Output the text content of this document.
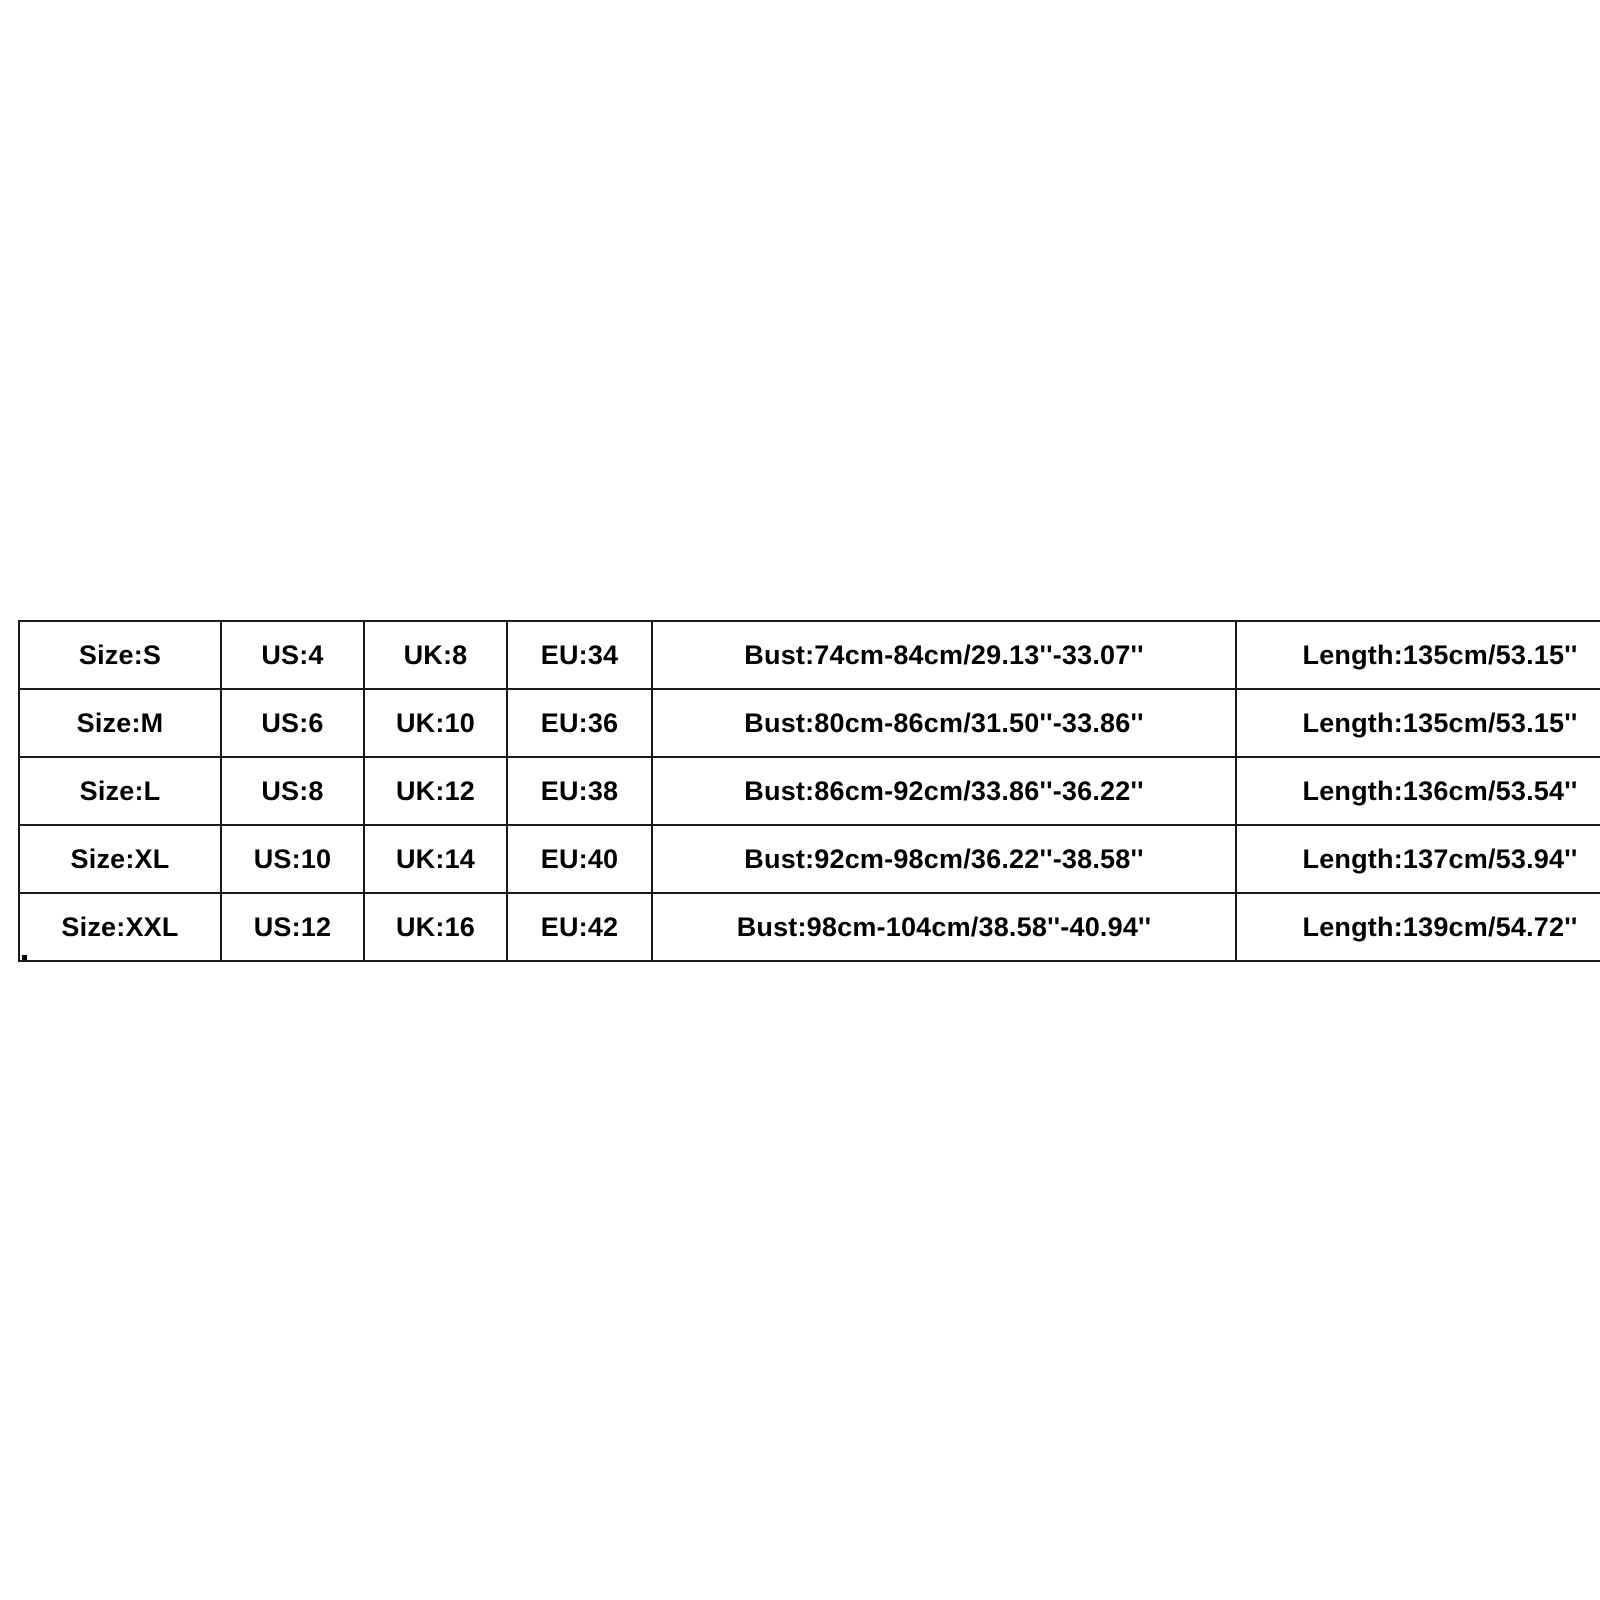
Size:S	US:4	UK:8	EU:34	Bust:74cm-84cm/29.13''-33.07''	Length:135cm/53.15''
Size:M	US:6	UK:10	EU:36	Bust:80cm-86cm/31.50''-33.86''	Length:135cm/53.15''
Size:L	US:8	UK:12	EU:38	Bust:86cm-92cm/33.86''-36.22''	Length:136cm/53.54''
Size:XL	US:10	UK:14	EU:40	Bust:92cm-98cm/36.22''-38.58''	Length:137cm/53.94''
Size:XXL	US:12	UK:16	EU:42	Bust:98cm-104cm/38.58''-40.94''	Length:139cm/54.72''
